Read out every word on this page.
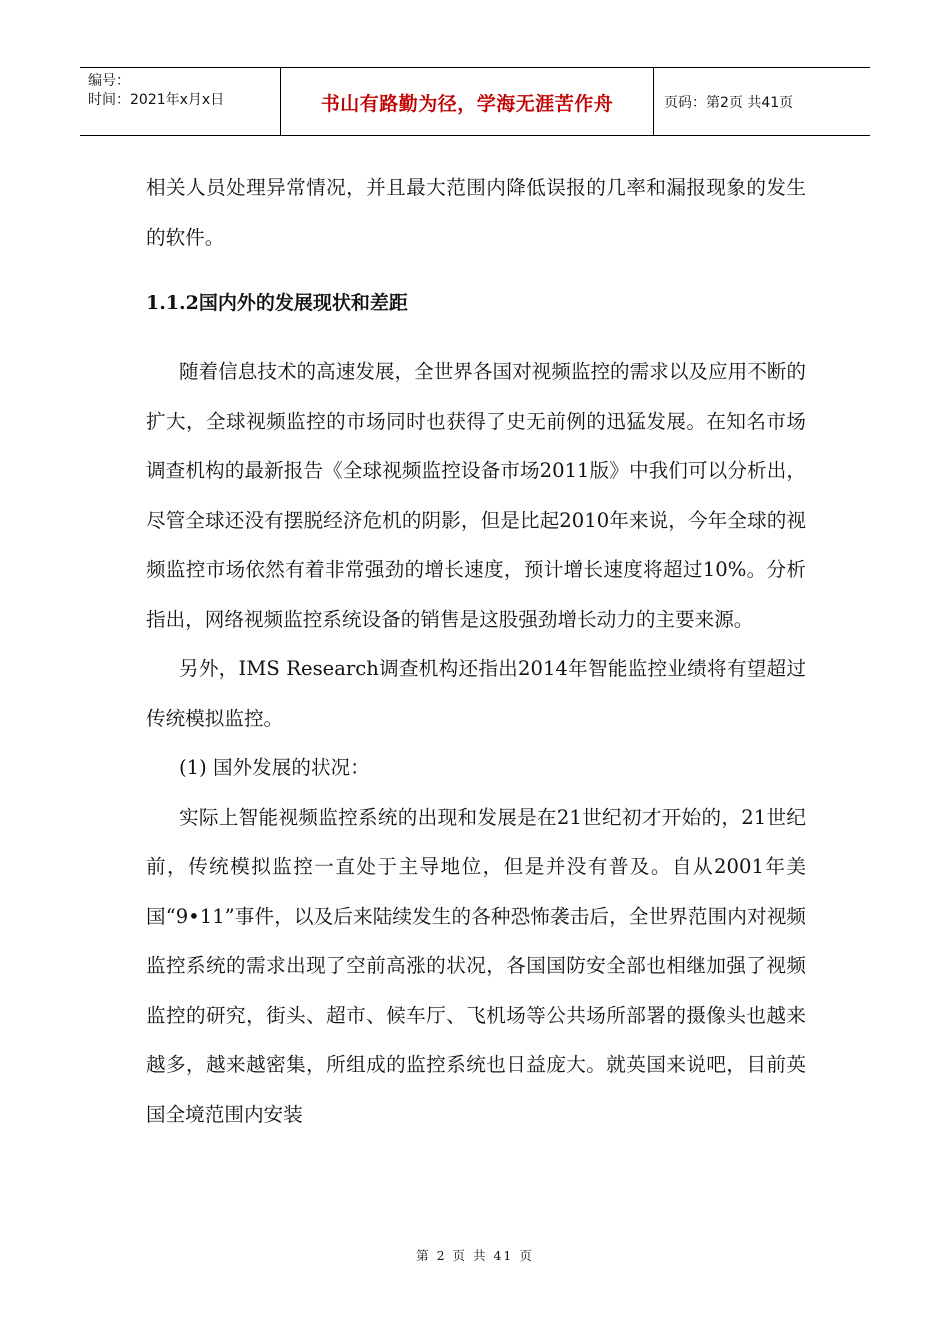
编号：
时间：2021年x月x日	书山有路勤为径，学海无涯苦作舟	页码：第2页 共41页

相关人员处理异常情况，并且最大范围内降低误报的几率和漏报现象的发生的软件。

1.1.2国内外的发展现状和差距

随着信息技术的高速发展，全世界各国对视频监控的需求以及应用不断的扩大，全球视频监控的市场同时也获得了史无前例的迅猛发展。在知名市场调查机构的最新报告《全球视频监控设备市场2011版》中我们可以分析出，尽管全球还没有摆脱经济危机的阴影，但是比起2010年来说，今年全球的视频监控市场依然有着非常强劲的增长速度，预计增长速度将超过10%。分析指出，网络视频监控系统设备的销售是这股强劲增长动力的主要来源。

另外，IMS Research调查机构还指出2014年智能监控业绩将有望超过传统模拟监控。

(1) 国外发展的状况：

实际上智能视频监控系统的出现和发展是在21世纪初才开始的，21世纪前，传统模拟监控一直处于主导地位，但是并没有普及。自从2001年美国“9•11”事件，以及后来陆续发生的各种恐怖袭击后，全世界范围内对视频监控系统的需求出现了空前高涨的状况，各国国防安全部也相继加强了视频监控的研究，街头、超市、候车厅、飞机场等公共场所部署的摄像头也越来越多，越来越密集，所组成的监控系统也日益庞大。就英国来说吧，目前英国全境范围内安装

第 2 页 共 41 页
